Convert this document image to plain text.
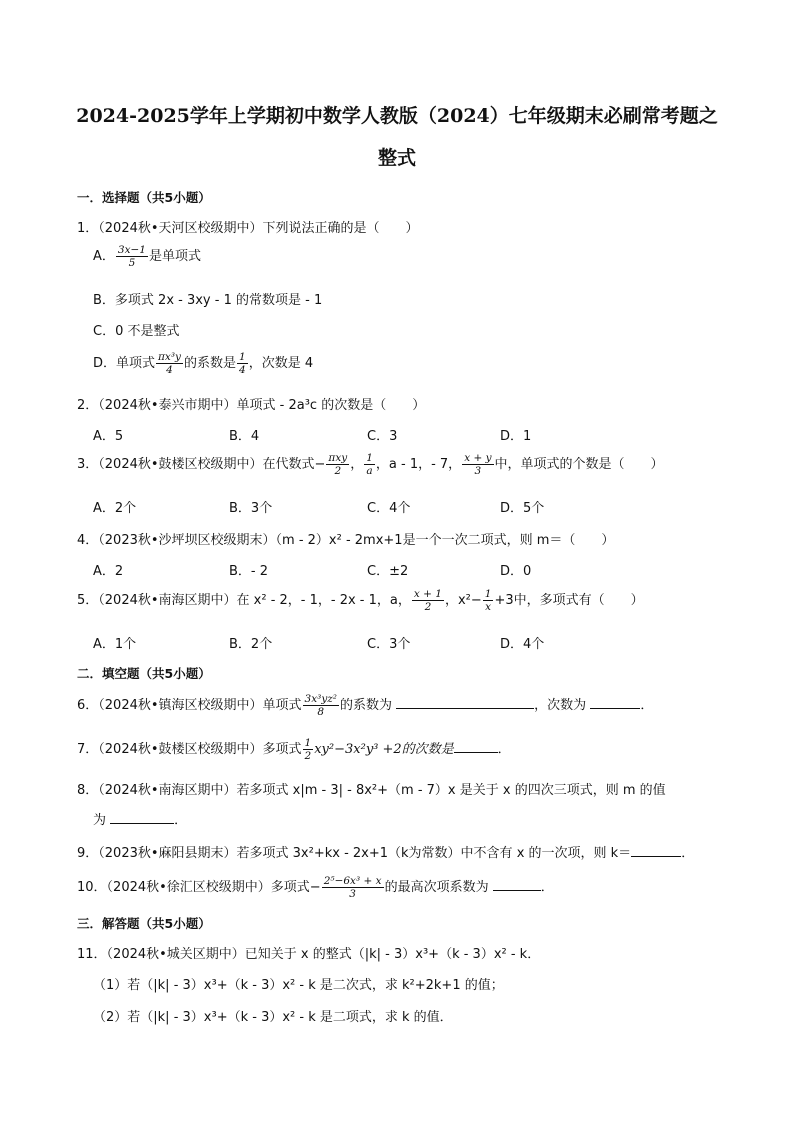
2024-2025学年上学期初中数学人教版（2024）七年级期末必刷常考题之
整式
一．选择题（共5小题）
1．（2024秋•天河区校级期中）下列说法正确的是（　　）
A． $\frac{3x-1}{5}$ 是单项式
B．多项式 2x - 3xy - 1 的常数项是 - 1
C．0 不是整式
D．单项式 $\frac{\text{πx³y}}{4}$ 的系数是 $\frac{1}{4}$ ，次数是 4
2．（2024秋•泰兴市期中）单项式 - 2a³c 的次数是（　　）
A．5	B．4	C．3	D．1
3．（2024秋•鼓楼区校级期中）在代数式− $\frac{\text{πxy}}{2}$ ， $\frac{1}{a}$ ，a - 1，- 7， $\frac{x + y}{3}$ 中，单项式的个数是（　　）
A．2个	B．3个	C．4个	D．5个
4．（2023秋•沙坪坝区校级期末）（m - 2）x² - 2mx+1是一个一次二项式，则 m＝（　　）
A．2	B．- 2	C．±2	D．0
5．（2024秋•南海区期中）在 x² - 2，- 1，- 2x - 1，a， $\frac{x + 1}{2}$ ，$x^2- \frac{1}{x} +3$中，多项式有（　　）
A．1个	B．2个	C．3个	D．4个
二．填空题（共5小题）
6．（2024秋•镇海区校级期中）单项式 $\frac{\text{3x³yz²}}{8}$ 的系数为	，次数为	．
7．（2024秋•鼓楼区校级期中）多项式 $\frac{1}{2} xy^2-3x^2y^3 +2$的次数是	．
8．（2024秋•南海区期中）若多项式 x|m - 3| - 8x²+（m - 7）x 是关于 x 的四次三项式，则 m 的值
为	．
9．（2023秋•麻阳县期末）若多项式 3x²+kx - 2x+1（k为常数）中不含有 x 的一次项，则 k＝	．
10．（2024秋•徐汇区校级期中）多项式− $\frac{\text{2⁵−6x³ + x}}{3}$ 的最高次项系数为	．
三．解答题（共5小题）
11．（2024秋•城关区期中）已知关于 x 的整式（|k| - 3）x³+（k - 3）x² - k．
（1）若（|k| - 3）x³+（k - 3）x² - k 是二次式，求 k²+2k+1 的值；
（2）若（|k| - 3）x³+（k - 3）x² - k 是二项式，求 k 的值．
